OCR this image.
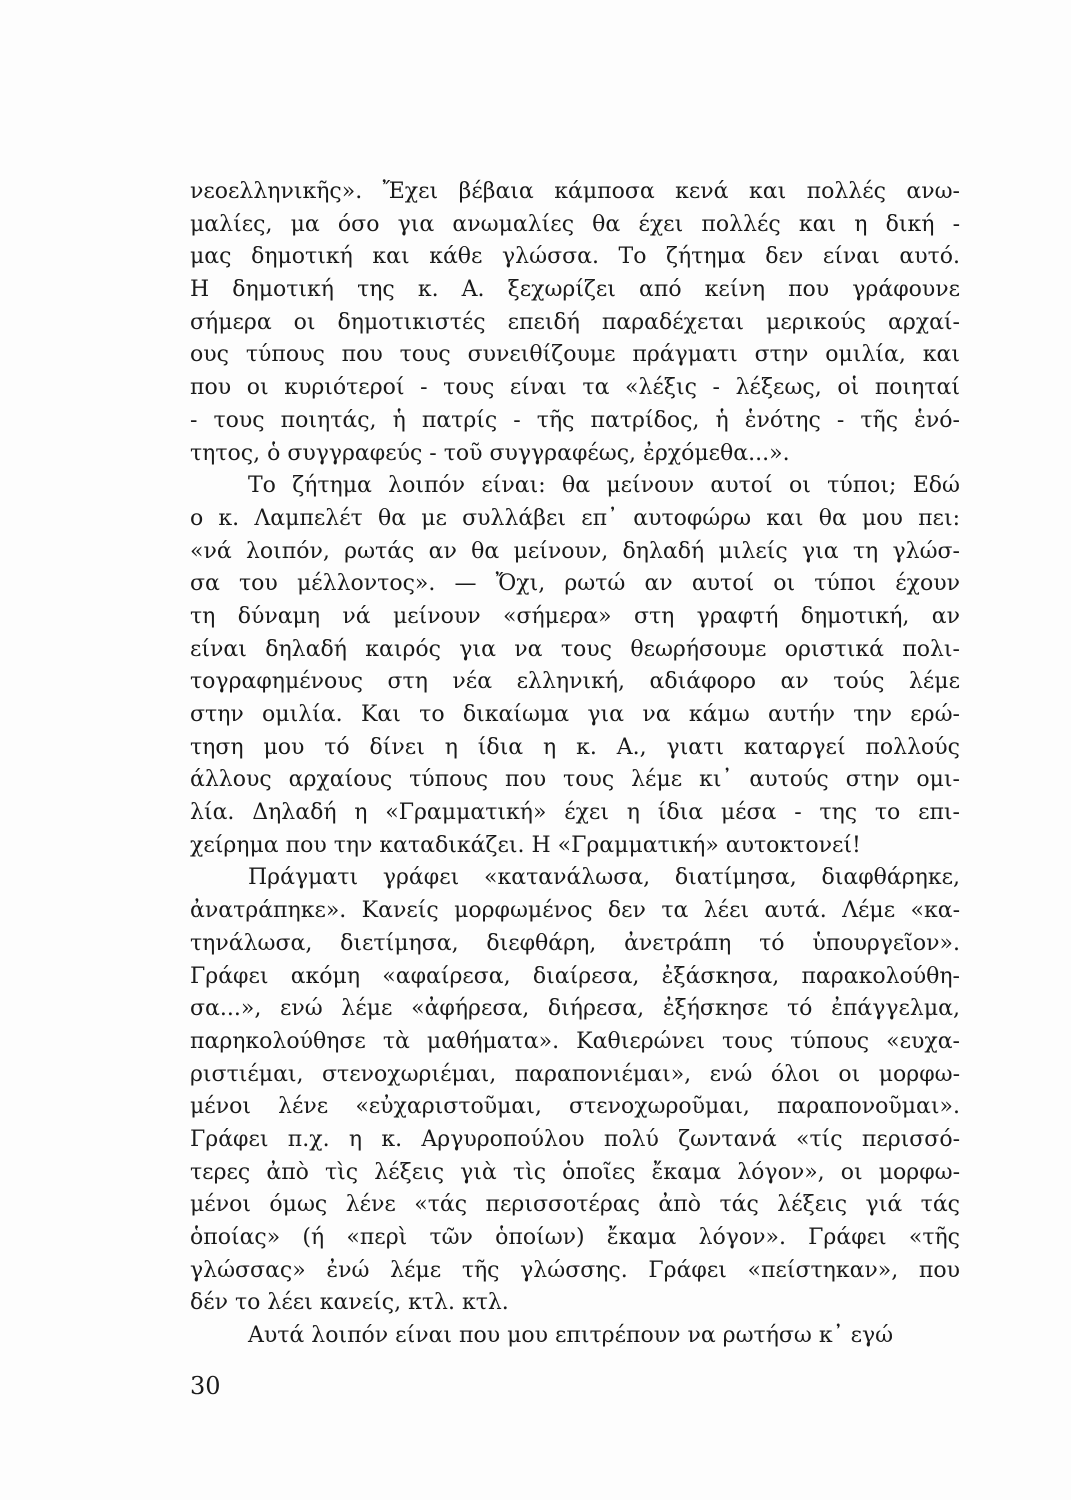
νεοελληνικῆς». Ἔχει βέβαια κάμποσα κενά και πολλές ανω-
μαλίες, μα όσο για ανωμαλίες θα έχει πολλές και η δική -
μας δημοτική και κάθε γλώσσα. Το ζήτημα δεν είναι αυτό.
Η δημοτική της κ. Α. ξεχωρίζει από κείνη που γράφουνε
σήμερα οι δημοτικιστές επειδή παραδέχεται μερικούς αρχαί-
ους τύπους που τους συνειθίζουμε πράγματι στην ομιλία, και
που οι κυριότεροί - τους είναι τα «λέξις - λέξεως, οἱ ποιηταί
- τους ποιητάς, ἡ πατρίς - τῆς πατρίδος, ἡ ἑνότης - τῆς ἑνό-
τητος, ὁ συγγραφεύς - τοῦ συγγραφέως, ἐρχόμεθα...».
Το ζήτημα λοιπόν είναι: θα μείνουν αυτοί οι τύποι; Εδώ
ο κ. Λαμπελέτ θα με συλλάβει επ᾽ αυτοφώρω και θα μου πει:
«νά λοιπόν, ρωτάς αν θα μείνουν, δηλαδή μιλείς για τη γλώσ-
σα του μέλλοντος». — Ὄχι, ρωτώ αν αυτοί οι τύποι έχουν
τη δύναμη νά μείνουν «σήμερα» στη γραφτή δημοτική, αν
είναι δηλαδή καιρός για να τους θεωρήσουμε οριστικά πολι-
τογραφημένους στη νέα ελληνική, αδιάφορο αν τούς λέμε
στην ομιλία. Και το δικαίωμα για να κάμω αυτήν την ερώ-
τηση μου τό δίνει η ίδια η κ. Α., γιατι καταργεί πολλούς
άλλους αρχαίους τύπους που τους λέμε κι᾽ αυτούς στην ομι-
λία. Δηλαδή η «Γραμματική» έχει η ίδια μέσα - της το επι-
χείρημα που την καταδικάζει. Η «Γραμματική» αυτοκτονεί!
Πράγματι γράφει «κατανάλωσα, διατίμησα, διαφθάρηκε,
ἀνατράπηκε». Κανείς μορφωμένος δεν τα λέει αυτά. Λέμε «κα-
τηνάλωσα, διετίμησα, διεφθάρη, ἀνετράπη τό ὑπουργεῖον».
Γράφει ακόμη «αφαίρεσα, διαίρεσα, ἐξάσκησα, παρακολούθη-
σα...», ενώ λέμε «ἀφήρεσα, διήρεσα, ἐξήσκησε τό ἐπάγγελμα,
παρηκολούθησε τὰ μαθήματα». Καθιερώνει τους τύπους «ευχα-
ριστιέμαι, στενοχωριέμαι, παραπονιέμαι», ενώ όλοι οι μορφω-
μένοι λένε «εὐχαριστοῦμαι, στενοχωροῦμαι, παραπονοῦμαι».
Γράφει π.χ. η κ. Αργυροπούλου πολύ ζωντανά «τίς περισσό-
τερες ἀπὸ τὶς λέξεις γιὰ τὶς ὁποῖες ἔκαμα λόγον», οι μορφω-
μένοι όμως λένε «τάς περισσοτέρας ἀπὸ τάς λέξεις γιά τάς
ὁποίας» (ή «περὶ τῶν ὁποίων) ἔκαμα λόγον». Γράφει «τῆς
γλώσσας» ἐνώ λέμε τῆς γλώσσης. Γράφει «πείστηκαν», που
δέν το λέει κανείς, κτλ. κτλ.
Αυτά λοιπόν είναι που μου επιτρέπουν να ρωτήσω κ᾽ εγώ
30
